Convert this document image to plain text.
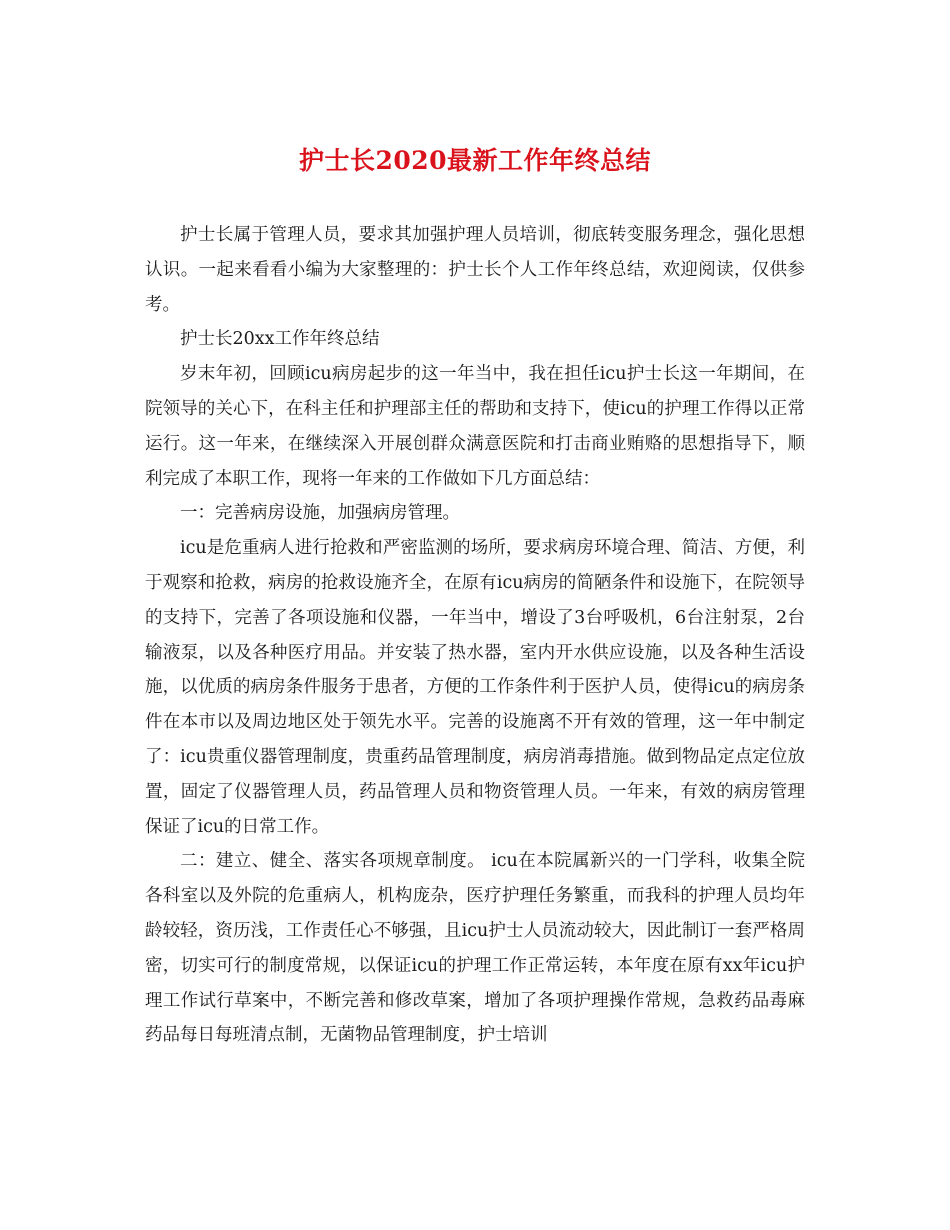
护士长2020最新工作年终总结

护士长属于管理人员，要求其加强护理人员培训，彻底转变服务理念，强化思想认识。一起来看看小编为大家整理的：护士长个人工作年终总结，欢迎阅读，仅供参考。

护士长20xx工作年终总结

岁末年初，回顾icu病房起步的这一年当中，我在担任icu护士长这一年期间，在院领导的关心下，在科主任和护理部主任的帮助和支持下，使icu的护理工作得以正常运行。这一年来，在继续深入开展创群众满意医院和打击商业贿赂的思想指导下，顺利完成了本职工作，现将一年来的工作做如下几方面总结：

一：完善病房设施，加强病房管理。

icu是危重病人进行抢救和严密监测的场所，要求病房环境合理、简洁、方便，利于观察和抢救，病房的抢救设施齐全，在原有icu病房的简陋条件和设施下，在院领导的支持下，完善了各项设施和仪器，一年当中，增设了3台呼吸机，6台注射泵，2台输液泵，以及各种医疗用品。并安装了热水器，室内开水供应设施，以及各种生活设施，以优质的病房条件服务于患者，方便的工作条件利于医护人员，使得icu的病房条件在本市以及周边地区处于领先水平。完善的设施离不开有效的管理，这一年中制定了：icu贵重仪器管理制度，贵重药品管理制度，病房消毒措施。做到物品定点定位放置，固定了仪器管理人员，药品管理人员和物资管理人员。一年来，有效的病房管理保证了icu的日常工作。

二：建立、健全、落实各项规章制度。 icu在本院属新兴的一门学科，收集全院各科室以及外院的危重病人，机构庞杂，医疗护理任务繁重，而我科的护理人员均年龄较轻，资历浅，工作责任心不够强，且icu护士人员流动较大，因此制订一套严格周密，切实可行的制度常规，以保证icu的护理工作正常运转，本年度在原有xx年icu护理工作试行草案中，不断完善和修改草案，增加了各项护理操作常规，急救药品毒麻药品每日每班清点制，无菌物品管理制度，护士培训
